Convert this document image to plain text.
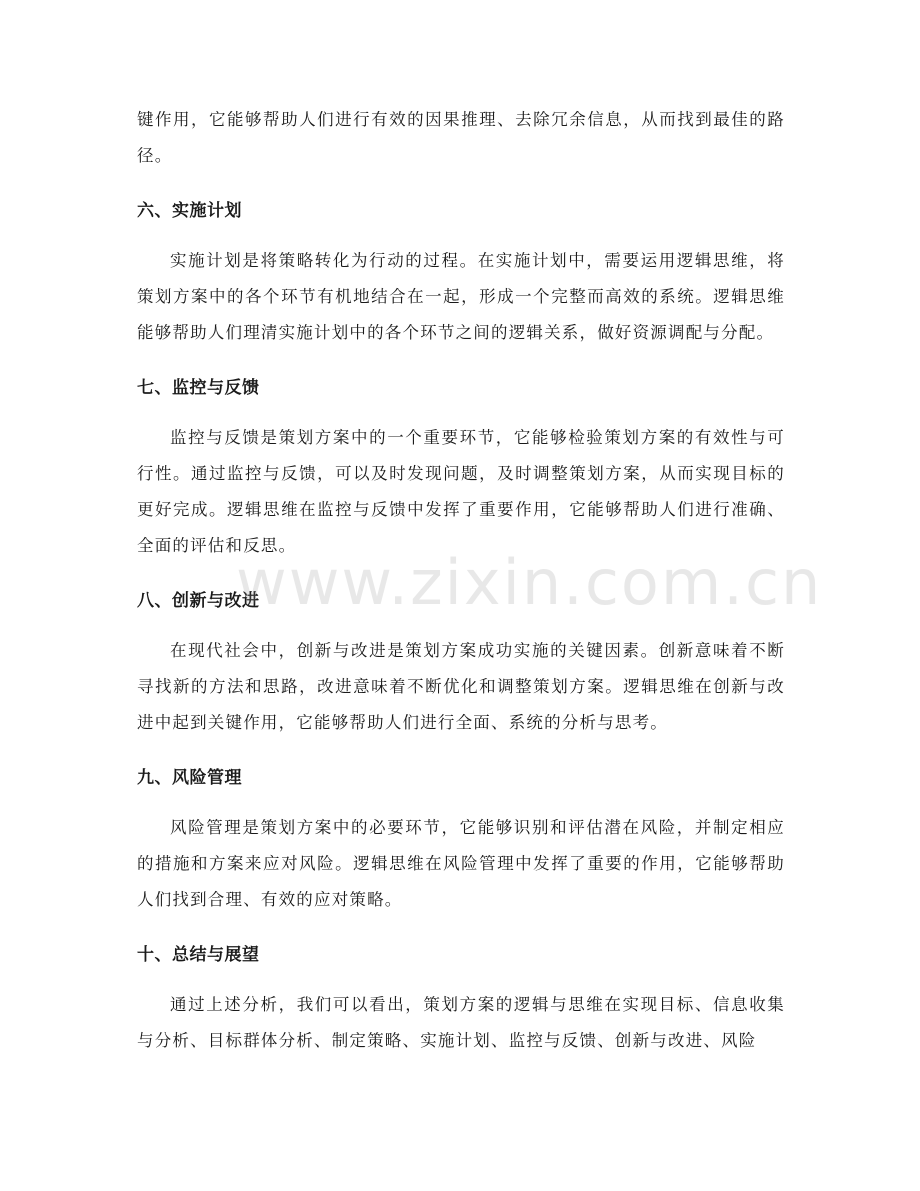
键作用，它能够帮助人们进行有效的因果推理、去除冗余信息，从而找到最佳的路径。

六、实施计划

实施计划是将策略转化为行动的过程。在实施计划中，需要运用逻辑思维，将策划方案中的各个环节有机地结合在一起，形成一个完整而高效的系统。逻辑思维能够帮助人们理清实施计划中的各个环节之间的逻辑关系，做好资源调配与分配。

七、监控与反馈

监控与反馈是策划方案中的一个重要环节，它能够检验策划方案的有效性与可行性。通过监控与反馈，可以及时发现问题，及时调整策划方案，从而实现目标的更好完成。逻辑思维在监控与反馈中发挥了重要作用，它能够帮助人们进行准确、全面的评估和反思。

八、创新与改进

在现代社会中，创新与改进是策划方案成功实施的关键因素。创新意味着不断寻找新的方法和思路，改进意味着不断优化和调整策划方案。逻辑思维在创新与改进中起到关键作用，它能够帮助人们进行全面、系统的分析与思考。

九、风险管理

风险管理是策划方案中的必要环节，它能够识别和评估潜在风险，并制定相应的措施和方案来应对风险。逻辑思维在风险管理中发挥了重要的作用，它能够帮助人们找到合理、有效的应对策略。

十、总结与展望

通过上述分析，我们可以看出，策划方案的逻辑与思维在实现目标、信息收集与分析、目标群体分析、制定策略、实施计划、监控与反馈、创新与改进、风险

www.zixin.com.cn
